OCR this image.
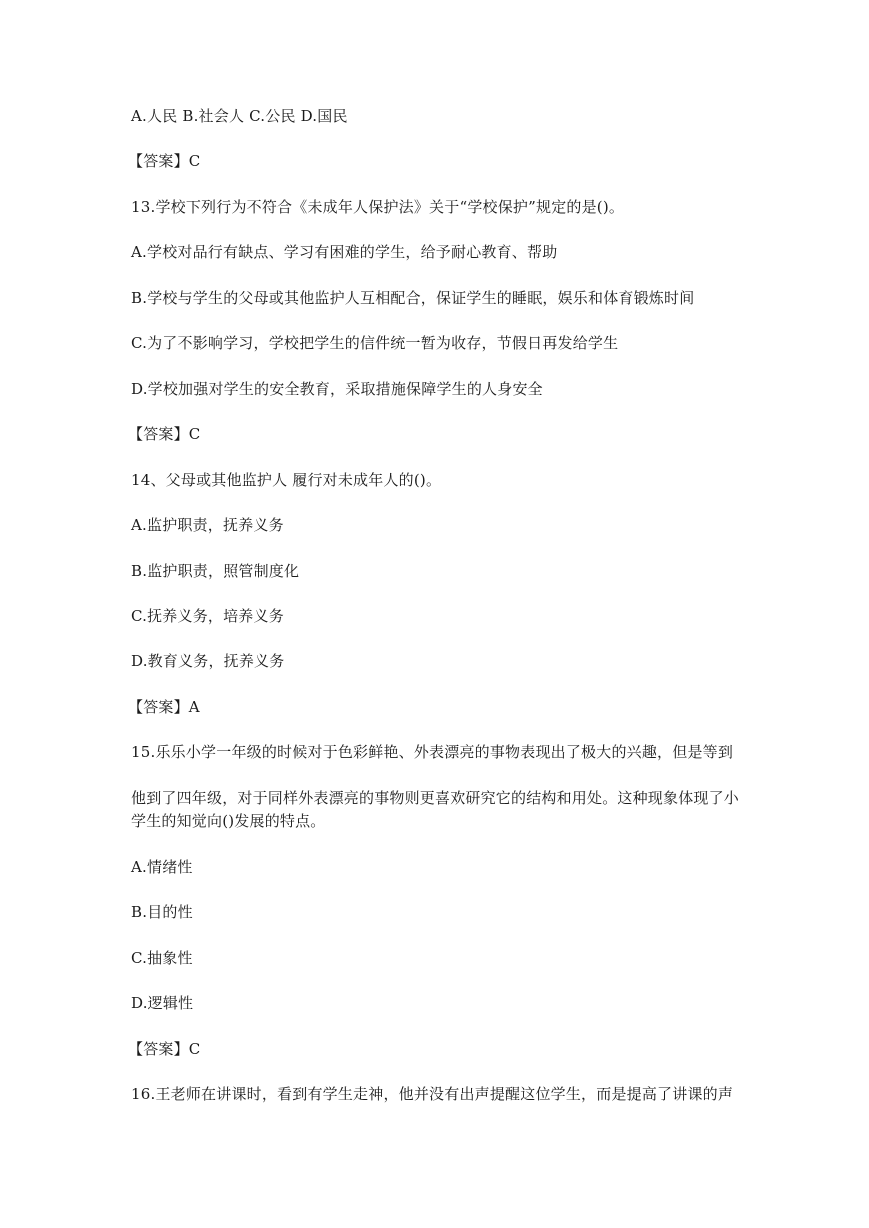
A.人民 B.社会人 C.公民 D.国民
【答案】C
13.学校下列行为不符合《未成年人保护法》关于“学校保护”规定的是()。
A.学校对品行有缺点、学习有困难的学生，给予耐心教育、帮助
B.学校与学生的父母或其他监护人互相配合，保证学生的睡眠，娱乐和体育锻炼时间
C.为了不影响学习，学校把学生的信件统一暂为收存，节假日再发给学生
D.学校加强对学生的安全教育，采取措施保障学生的人身安全
【答案】C
14、父母或其他监护人 履行对未成年人的()。
A.监护职责，抚养义务
B.监护职责，照管制度化
C.抚养义务，培养义务
D.教育义务，抚养义务
【答案】A
15.乐乐小学一年级的时候对于色彩鲜艳、外表漂亮的事物表现出了极大的兴趣，但是等到
他到了四年级，对于同样外表漂亮的事物则更喜欢研究它的结构和用处。这种现象体现了小
学生的知觉向()发展的特点。
A.情绪性
B.目的性
C.抽象性
D.逻辑性
【答案】C
16.王老师在讲课时，看到有学生走神，他并没有出声提醒这位学生，而是提高了讲课的声
